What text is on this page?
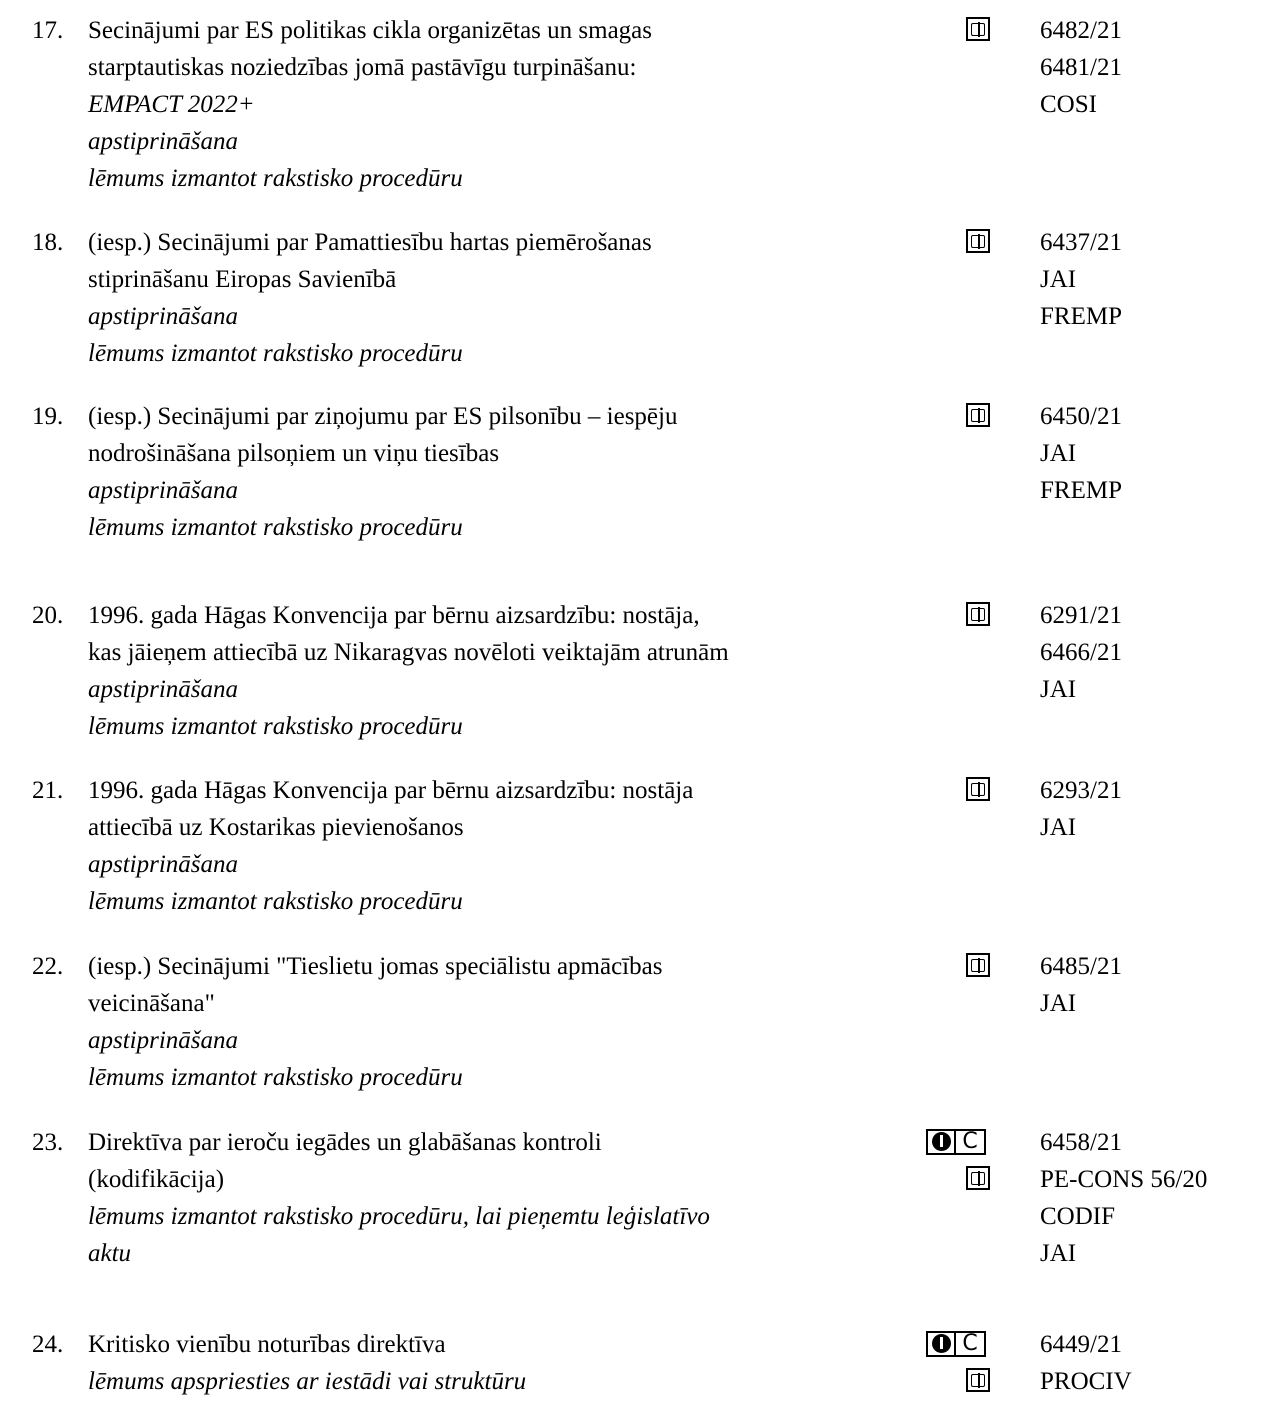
17. Secinājumi par ES politikas cikla organizētas un smagas
starptautiskas noziedzības jomā pastāvīgu turpināšanu:
EMPACT 2022+
apstiprināšana
lēmums izmantot rakstisko procedūru
6482/21
6481/21
COSI
18. (iesp.) Secinājumi par Pamattiesību hartas piemērošanas
stiprināšanu Eiropas Savienībā
apstiprināšana
lēmums izmantot rakstisko procedūru
6437/21
JAI
FREMP
19. (iesp.) Secinājumi par ziņojumu par ES pilsonību – iespēju
nodrošināšana pilsoņiem un viņu tiesības
apstiprināšana
lēmums izmantot rakstisko procedūru
6450/21
JAI
FREMP
20. 1996. gada Hāgas Konvencija par bērnu aizsardzību: nostāja,
kas jāieņem attiecībā uz Nikaragvas novēloti veiktajām atrunām
apstiprināšana
lēmums izmantot rakstisko procedūru
6291/21
6466/21
JAI
21. 1996. gada Hāgas Konvencija par bērnu aizsardzību: nostāja
attiecībā uz Kostarikas pievienošanos
apstiprināšana
lēmums izmantot rakstisko procedūru
6293/21
JAI
22. (iesp.) Secinājumi "Tieslietu jomas speciālistu apmācības
veicināšana"
apstiprināšana
lēmums izmantot rakstisko procedūru
6485/21
JAI
23. Direktīva par ieroču iegādes un glabāšanas kontroli
(kodifikācija)
lēmums izmantot rakstisko procedūru, lai pieņemtu leģislatīvo
aktu
C	6458/21
PE-CONS 56/20
CODIF
JAI
24. Kritisko vienību noturības direktīva
lēmums apspriesties ar iestādi vai struktūru
C	6449/21
PROCIV
